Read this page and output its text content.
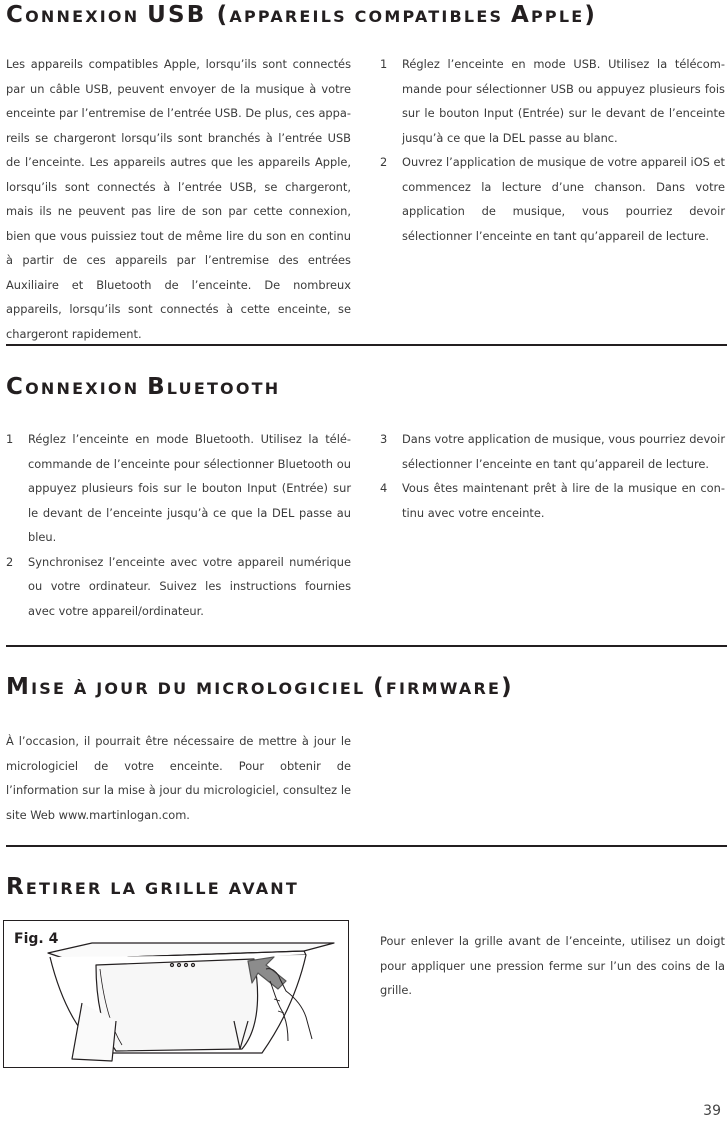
CONNEXION USB (APPAREILS COMPATIBLES APPLE)

Les appareils compatibles Apple, lorsqu’ils sont connectés par un câble USB, peuvent envoyer de la musique à votre enceinte par l’entremise de l’entrée USB. De plus, ces appareils se chargeront lorsqu’ils sont branchés à l’entrée USB de l’enceinte. Les appareils autres que les appareils Apple, lorsqu’ils sont connectés à l’entrée USB, se chargeront, mais ils ne peuvent pas lire de son par cette connexion, bien que vous puissiez tout de même lire du son en continu à partir de ces appareils par l’entremise des entrées Auxiliaire et Bluetooth de l’enceinte. De nombreux appareils, lorsqu’ils sont connectés à cette enceinte, se chargeront rapidement.

1 Réglez l’enceinte en mode USB. Utilisez la télécommande pour sélectionner USB ou appuyez plusieurs fois sur le bouton Input (Entrée) sur le devant de l’enceinte jusqu’à ce que la DEL passe au blanc.
2 Ouvrez l’application de musique de votre appareil iOS et commencez la lecture d’une chanson. Dans votre application de musique, vous pourriez devoir sélectionner l’enceinte en tant qu’appareil de lecture.
CONNEXION BLUETOOTH
1 Réglez l’enceinte en mode Bluetooth. Utilisez la télécommande de l’enceinte pour sélectionner Bluetooth ou appuyez plusieurs fois sur le bouton Input (Entrée) sur le devant de l’enceinte jusqu’à ce que la DEL passe au bleu.
2 Synchronisez l’enceinte avec votre appareil numérique ou votre ordinateur. Suivez les instructions fournies avec votre appareil/ordinateur.
3 Dans votre application de musique, vous pourriez devoir sélectionner l’enceinte en tant qu’appareil de lecture.
4 Vous êtes maintenant prêt à lire de la musique en continu avec votre enceinte.
MISE À JOUR DU MICROLOGICIEL (FIRMWARE)

À l’occasion, il pourrait être nécessaire de mettre à jour le micrologiciel de votre enceinte. Pour obtenir de l’information sur la mise à jour du micrologiciel, consultez le site Web www.martinlogan.com.

RETIRER LA GRILLE AVANT
Fig. 4	Pour enlever la grille avant de l’enceinte, utilisez un doigt pour appliquer une pression ferme sur l’un des coins de la grille.

39
